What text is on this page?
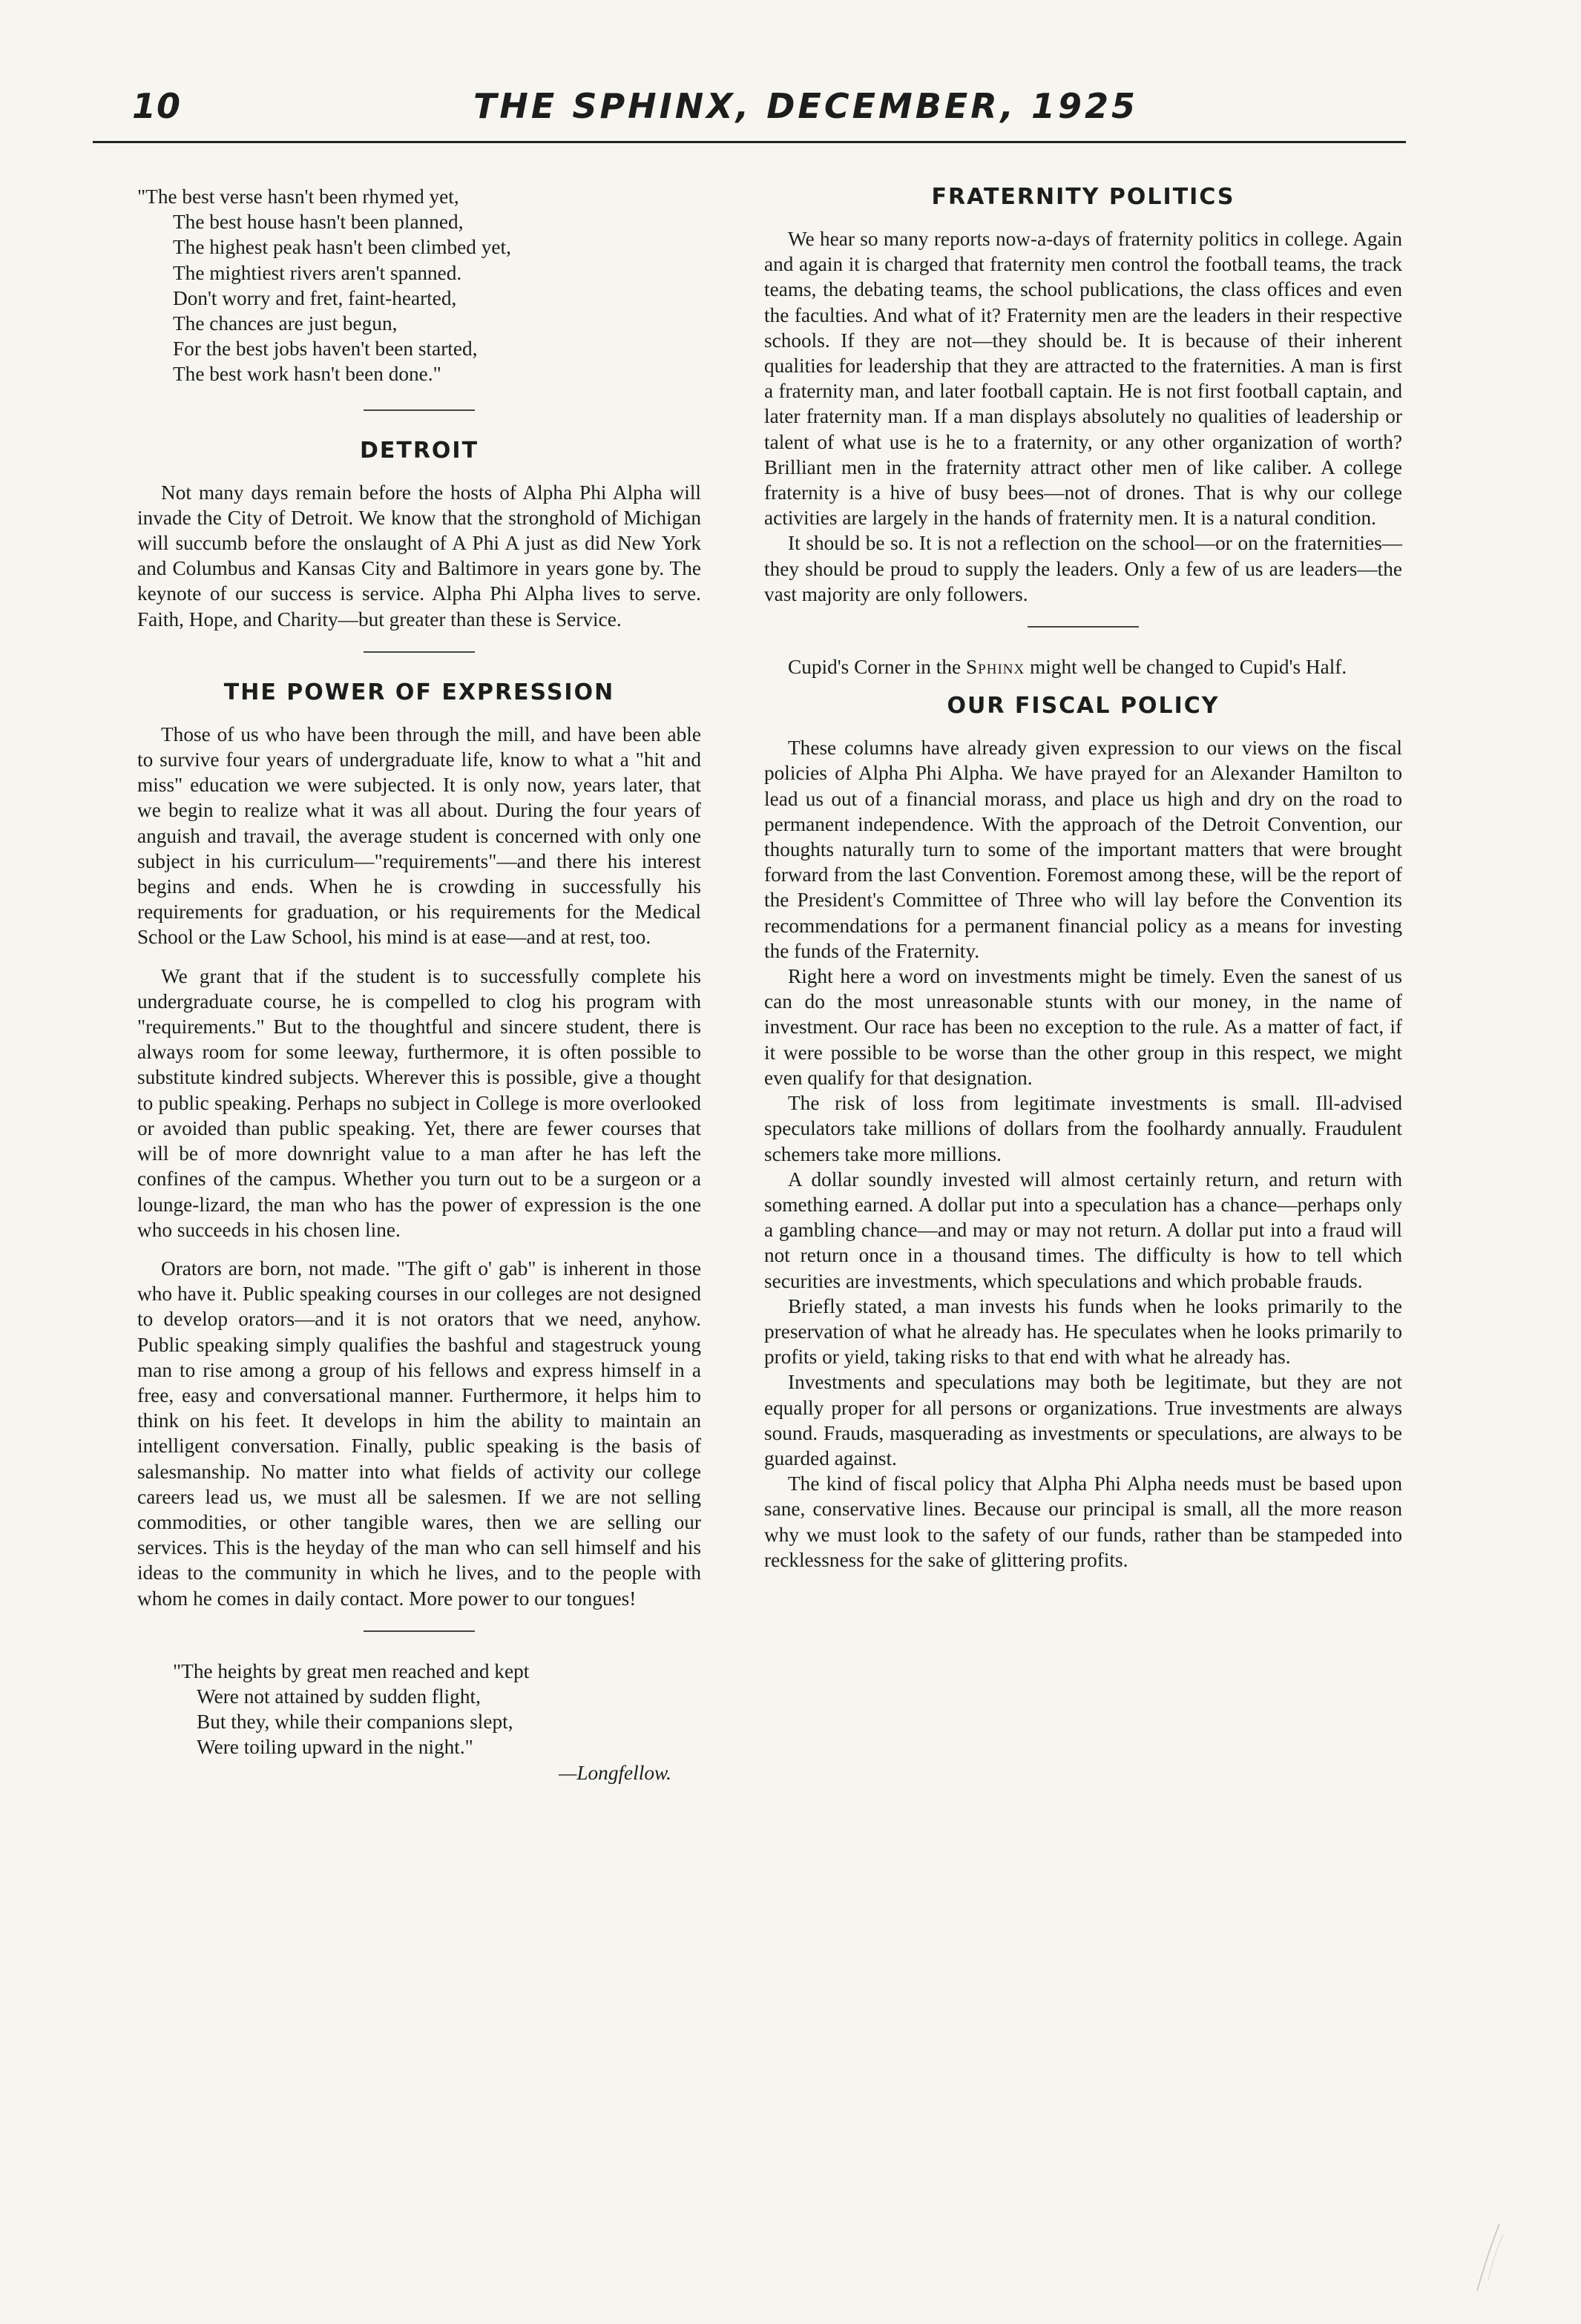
10	THE SPHINX, DECEMBER, 1925
"The best verse hasn't been rhymed yet,
The best house hasn't been planned,
The highest peak hasn't been climbed yet,
The mightiest rivers aren't spanned.
Don't worry and fret, faint-hearted,
The chances are just begun,
For the best jobs haven't been started,
The best work hasn't been done."
DETROIT

Not many days remain before the hosts of Alpha Phi Alpha will invade the City of Detroit. We know that the stronghold of Michigan will succumb before the onslaught of A Phi A just as did New York and Columbus and Kansas City and Baltimore in years gone by. The keynote of our success is service. Alpha Phi Alpha lives to serve. Faith, Hope, and Charity—but greater than these is Service.

THE POWER OF EXPRESSION

Those of us who have been through the mill, and have been able to survive four years of undergraduate life, know to what a "hit and miss" education we were subjected. It is only now, years later, that we begin to realize what it was all about. During the four years of anguish and travail, the average student is concerned with only one subject in his curriculum—"requirements"—and there his interest begins and ends. When he is crowding in successfully his requirements for graduation, or his requirements for the Medical School or the Law School, his mind is at ease—and at rest, too.

We grant that if the student is to successfully complete his undergraduate course, he is compelled to clog his program with "requirements." But to the thoughtful and sincere student, there is always room for some leeway, furthermore, it is often possible to substitute kindred subjects. Wherever this is possible, give a thought to public speaking. Perhaps no subject in College is more overlooked or avoided than public speaking. Yet, there are fewer courses that will be of more downright value to a man after he has left the confines of the campus. Whether you turn out to be a surgeon or a lounge-lizard, the man who has the power of expression is the one who succeeds in his chosen line.

Orators are born, not made. "The gift o' gab" is inherent in those who have it. Public speaking courses in our colleges are not designed to develop orators—and it is not orators that we need, anyhow. Public speaking simply qualifies the bashful and stagestruck young man to rise among a group of his fellows and express himself in a free, easy and conversational manner. Furthermore, it helps him to think on his feet. It develops in him the ability to maintain an intelligent conversation. Finally, public speaking is the basis of salesmanship. No matter into what fields of activity our college careers lead us, we must all be salesmen. If we are not selling commodities, or other tangible wares, then we are selling our services. This is the heyday of the man who can sell himself and his ideas to the community in which he lives, and to the people with whom he comes in daily contact. More power to our tongues!

"The heights by great men reached and kept
Were not attained by sudden flight,
But they, while their companions slept,
Were toiling upward in the night."
—Longfellow.
FRATERNITY POLITICS

We hear so many reports now-a-days of fraternity politics in college. Again and again it is charged that fraternity men control the football teams, the track teams, the debating teams, the school publications, the class offices and even the faculties. And what of it? Fraternity men are the leaders in their respective schools. If they are not—they should be. It is because of their inherent qualities for leadership that they are attracted to the fraternities. A man is first a fraternity man, and later football captain. He is not first football captain, and later fraternity man. If a man displays absolutely no qualities of leadership or talent of what use is he to a fraternity, or any other organization of worth? Brilliant men in the fraternity attract other men of like caliber. A college fraternity is a hive of busy bees—not of drones. That is why our college activities are largely in the hands of fraternity men. It is a natural condition.

It should be so. It is not a reflection on the school—or on the fraternities—they should be proud to supply the leaders. Only a few of us are leaders—the vast majority are only followers.

Cupid's Corner in the Sphinx might well be changed to Cupid's Half.

OUR FISCAL POLICY

These columns have already given expression to our views on the fiscal policies of Alpha Phi Alpha. We have prayed for an Alexander Hamilton to lead us out of a financial morass, and place us high and dry on the road to permanent independence. With the approach of the Detroit Convention, our thoughts naturally turn to some of the important matters that were brought forward from the last Convention. Foremost among these, will be the report of the President's Committee of Three who will lay before the Convention its recommendations for a permanent financial policy as a means for investing the funds of the Fraternity.

Right here a word on investments might be timely. Even the sanest of us can do the most unreasonable stunts with our money, in the name of investment. Our race has been no exception to the rule. As a matter of fact, if it were possible to be worse than the other group in this respect, we might even qualify for that designation.

The risk of loss from legitimate investments is small. Ill-advised speculators take millions of dollars from the foolhardy annually. Fraudulent schemers take more millions.

A dollar soundly invested will almost certainly return, and return with something earned. A dollar put into a speculation has a chance—perhaps only a gambling chance—and may or may not return. A dollar put into a fraud will not return once in a thousand times. The difficulty is how to tell which securities are investments, which speculations and which probable frauds.

Briefly stated, a man invests his funds when he looks primarily to the preservation of what he already has. He speculates when he looks primarily to profits or yield, taking risks to that end with what he already has.

Investments and speculations may both be legitimate, but they are not equally proper for all persons or organizations. True investments are always sound. Frauds, masquerading as investments or speculations, are always to be guarded against.

The kind of fiscal policy that Alpha Phi Alpha needs must be based upon sane, conservative lines. Because our principal is small, all the more reason why we must look to the safety of our funds, rather than be stampeded into recklessness for the sake of glittering profits.
